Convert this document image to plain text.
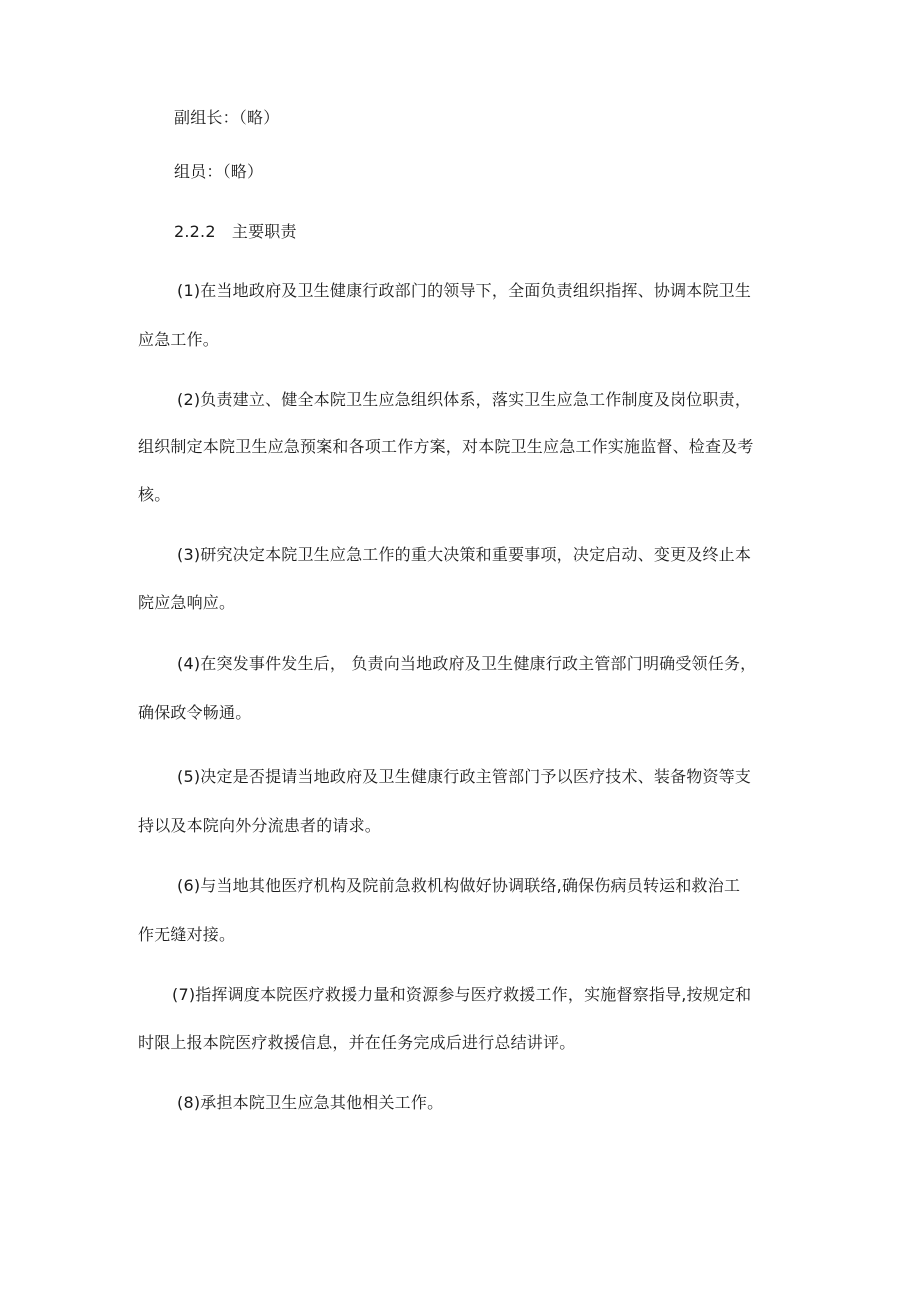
副组长：（略）
组员：（略）
2.2.2　主要职责
(1)在当地政府及卫生健康行政部门的领导下，全面负责组织指挥、协调本院卫生
应急工作。
(2)负责建立、健全本院卫生应急组织体系，落实卫生应急工作制度及岗位职责，
组织制定本院卫生应急预案和各项工作方案，对本院卫生应急工作实施监督、检查及考
核。
(3)研究决定本院卫生应急工作的重大决策和重要事项，决定启动、变更及终止本
院应急响应。
(4)在突发事件发生后， 负责向当地政府及卫生健康行政主管部门明确受领任务，
确保政令畅通。
(5)决定是否提请当地政府及卫生健康行政主管部门予以医疗技术、装备物资等支
持以及本院向外分流患者的请求。
(6)与当地其他医疗机构及院前急救机构做好协调联络,确保伤病员转运和救治工
作无缝对接。
(7)指挥调度本院医疗救援力量和资源参与医疗救援工作，实施督察指导,按规定和
时限上报本院医疗救援信息，并在任务完成后进行总结讲评。
(8)承担本院卫生应急其他相关工作。
